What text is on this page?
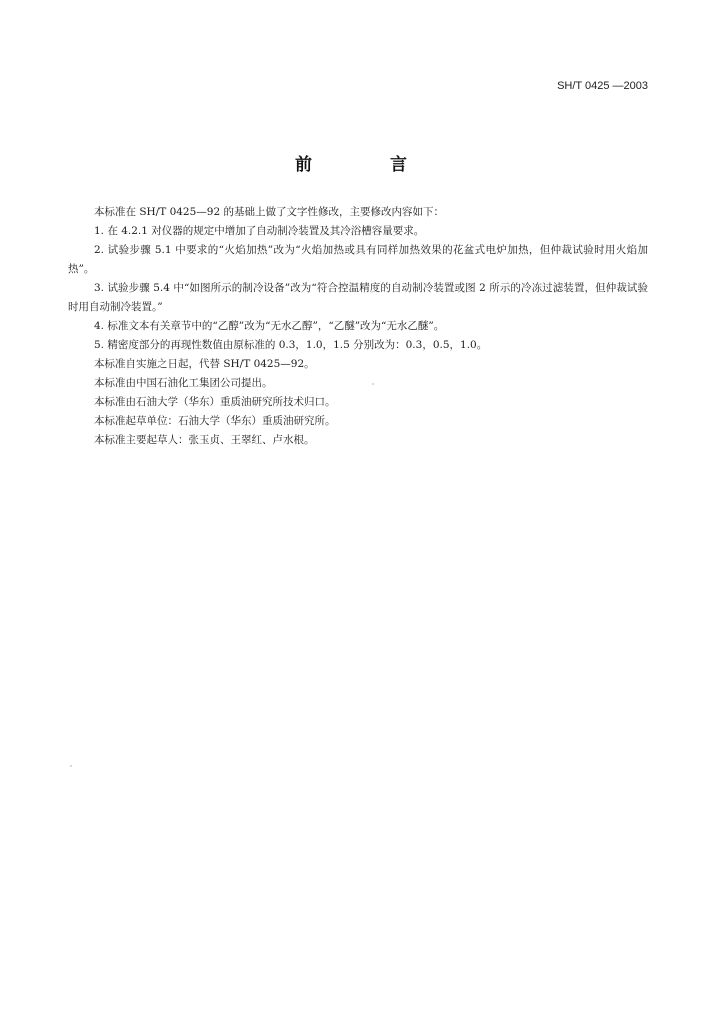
SH/T 0425 —2003
前 言

本标准在 SH/T 0425—92 的基础上做了文字性修改，主要修改内容如下：

1. 在 4.2.1 对仪器的规定中增加了自动制冷装置及其冷浴槽容量要求。

2. 试验步骤 5.1 中要求的“火焰加热”改为“火焰加热或具有同样加热效果的花盆式电炉加热，但仲裁试验时用火焰加热”。

3. 试验步骤 5.4 中“如图所示的制冷设备”改为“符合控温精度的自动制冷装置或图 2 所示的冷冻过滤装置，但仲裁试验时用自动制冷装置。”

4. 标准文本有关章节中的“乙醇”改为“无水乙醇”，“乙醚”改为“无水乙醚”。

5. 精密度部分的再现性数值由原标准的 0.3，1.0，1.5 分别改为：0.3，0.5，1.0。

本标准自实施之日起，代替 SH/T 0425—92。

本标准由中国石油化工集团公司提出。

本标准由石油大学（华东）重质油研究所技术归口。

本标准起草单位：石油大学（华东）重质油研究所。

本标准主要起草人：张玉贞、王翠红、卢水根。
